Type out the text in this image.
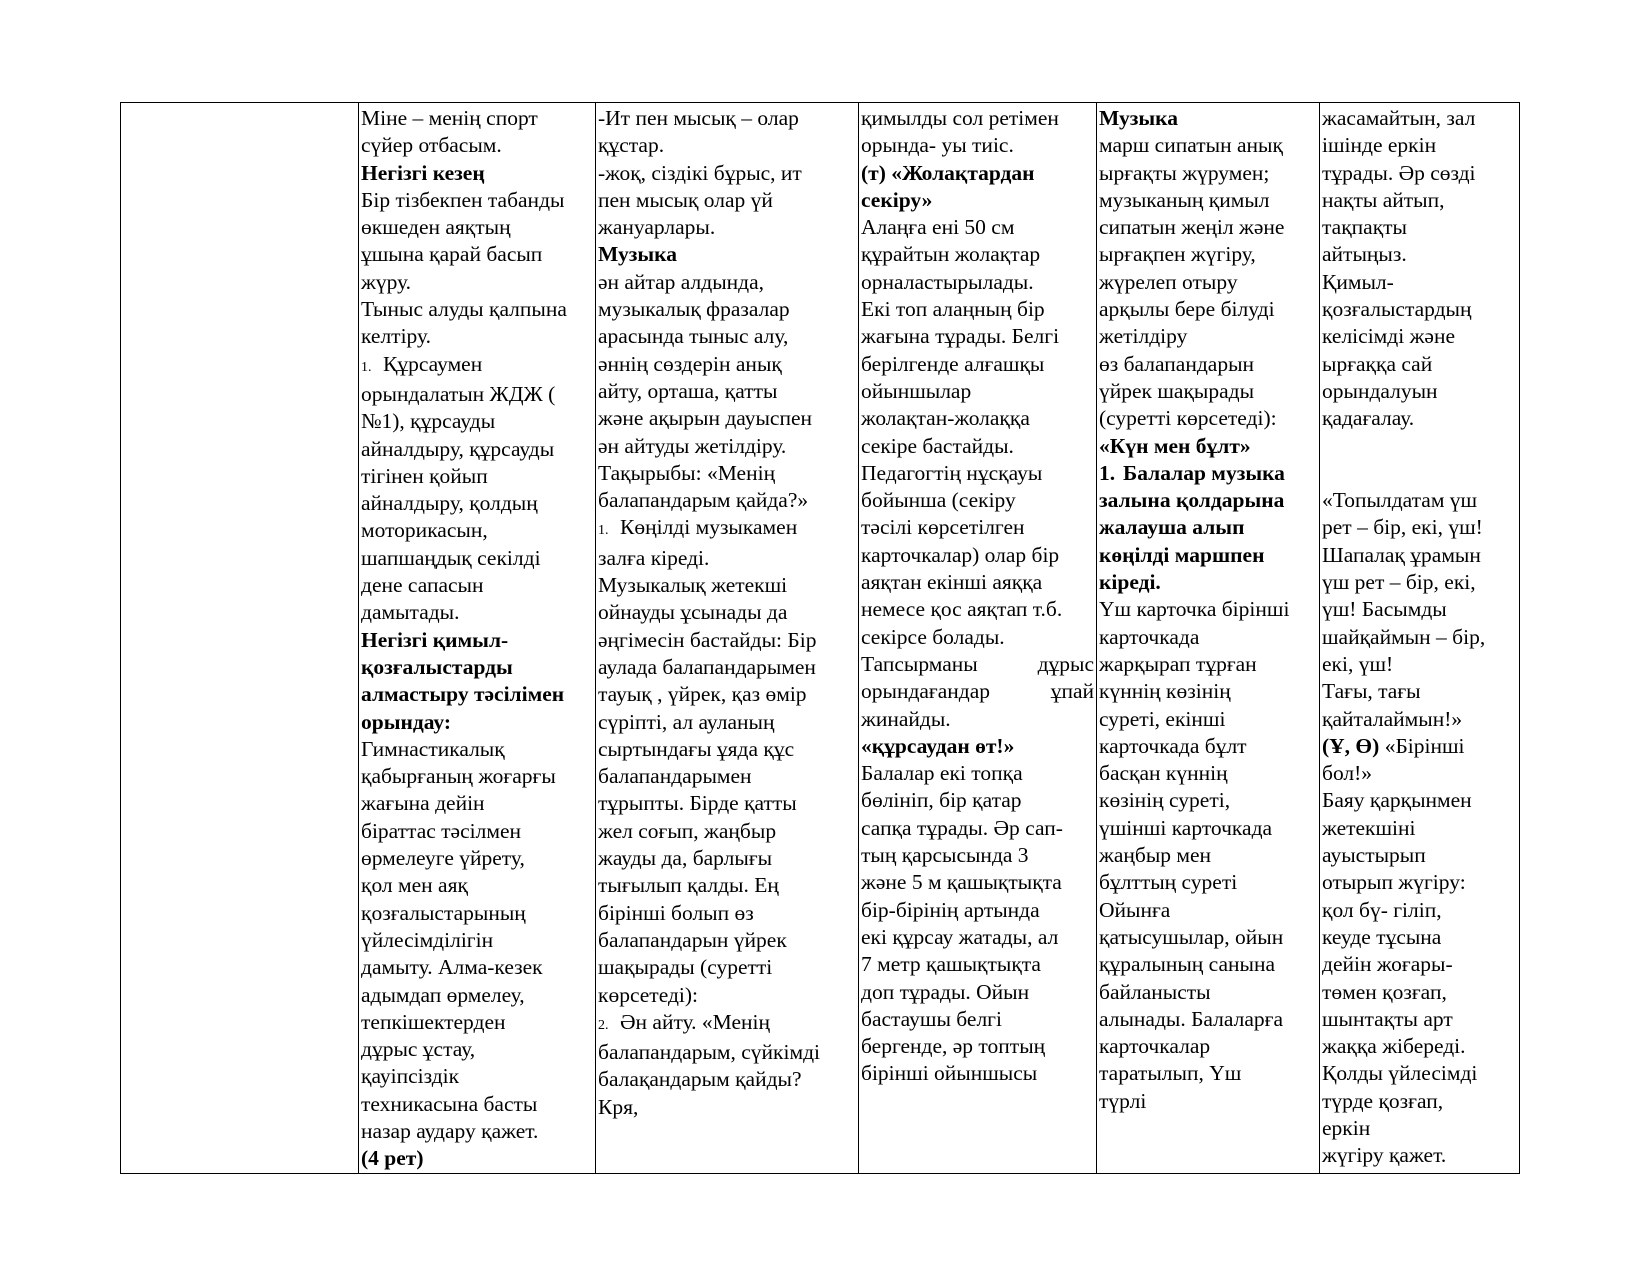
Міне – менің спорт
сүйер отбасым.
Негізгі кезең
Бір тізбекпен табанды
өкшеден аяқтың
ұшына қарай басып
жүру.
Тыныс алуды қалпына
келтіру.
1. Құрсаумен
орындалатын ЖДЖ (
№1), құрсауды
айналдыру, құрсауды
тігінен қойып
айналдыру, қолдың
моторикасын,
шапшаңдық секілді
дене сапасын
дамытады.
Негізгі қимыл-
қозғалыстарды
алмастыру тәсілімен
орындау:
Гимнастикалық
қабырғаның жоғарғы
жағына дейін
бiраттас тәсілмен
өрмелеуге үйрету,
қол мен аяқ
қозғалыстарының
үйлесімділігін
дамыту. Алма-кезек
адымдап өрмелеу,
тепкішектерден
дұрыс ұстау,
қауіпсіздік
техникасына басты
назар аудару қажет.
(4 рет)

-Ит пен мысық – олар
құстар.
-жоқ, сіздікі бұрыс, ит
пен мысық олар үй
жануарлары.
Музыка
ән айтар алдында,
музыкалық фразалар
арасында тыныс алу,
әннің сөздерін анық
айту, орташа, қатты
және ақырын дауыспен
ән айтуды жетілдіру.
Тақырыбы: «Менің
балапандарым қайда?»
1. Көңілді музыкамен
залға кіреді.
Музыкалық жетекші
ойнауды ұсынады да
әңгімесін бастайды: Бір
аулада балапандарымен
тауық , үйрек, қаз өмір
сүріпті, ал ауланың
сыртындағы ұяда құс
балапандарымен
тұрыпты. Бірде қатты
жел соғып, жаңбыр
жауды да, барлығы
тығылып қалды. Ең
бірінші болып өз
балапандарын үйрек
шақырады (суретті
көрсетеді):
2. Ән айту. «Менің
балапандарым, сүйкімді
балақандарым қайды?
Кря,

қимылды сол ретімен
орында- уы тиіс.
(т) «Жолақтардан
секіру»
Алаңға ені 50 см
құрайтын жолақтар
орналастырылады.
Екі топ алаңның бір
жағына тұрады. Белгі
берілгенде алғашқы
ойыншылар
жолақтан-жолаққа
секіре бастайды.
Педагогтің нұсқауы
бойынша (секіру
тәсілі көрсетілген
карточкалар) олар бір
аяқтан екінші аяққа
немесе қос аяқтап т.б.
секірсе болады.
Тапсырманы дұрыс
орындағандар ұпай
жинайды.
«құрсаудан өт!»
Балалар екі топқа
бөлініп, бір қатар
сапқа тұрады. Әр сап-
тың қарсысында 3
және 5 м қашықтықта
бір-бірінің артында
екі құрсау жатады, ал
7 метр қашықтықта
доп тұрады. Ойын
бастаушы белгі
бергенде, әр топтың
бірінші ойыншысы

Музыка
марш сипатын анық
ырғақты жүрумен;
музыканың қимыл
сипатын жеңіл және
ырғақпен жүгіру,
жүрелеп отыру
арқылы бере білуді
жетілдіру
өз балапандарын
үйрек шақырады
(суретті көрсетеді):
«Күн мен бұлт»
1. Балалар музыка
залына қолдарына
жалауша алып
көңілді маршпен
кіреді.
Үш карточка бірінші
карточкада
жарқырап тұрған
күннің көзінің
суреті, екінші
карточкада бұлт
басқан күннің
көзінің суреті,
үшінші карточкада
жаңбыр мен
бұлттың суреті
Ойынға
қатысушылар, ойын
құралының санына
байланысты
алынады. Балаларға
карточкалар
таратылып, Үш
түрлі

жасамайтын, зал
ішінде еркін
тұрады. Әр сөзді
нақты айтып,
тақпақты
айтыңыз.
Қимыл-
қозғалыстардың
келісімді және
ырғаққа сай
орындалуын
қадағалау.
«Топылдатам үш
рет – бір, екі, үш!
Шапалақ ұрамын
үш рет – бір, екі,
үш! Басымды
шайқаймын – бір,
екі, үш!
Тағы, тағы
қайталаймын!»
(Ұ, Ө) «Бірінші
бол!»
Баяу қарқынмен
жетекшіні
ауыстырып
отырып жүгіру:
қол бү- гіліп,
кеуде тұсына
дейін жоғары-
төмен қозғап,
шынтақты арт
жаққа жібереді.
Қолды үйлесімді
түрде қозғап,
еркін
жүгіру қажет.
